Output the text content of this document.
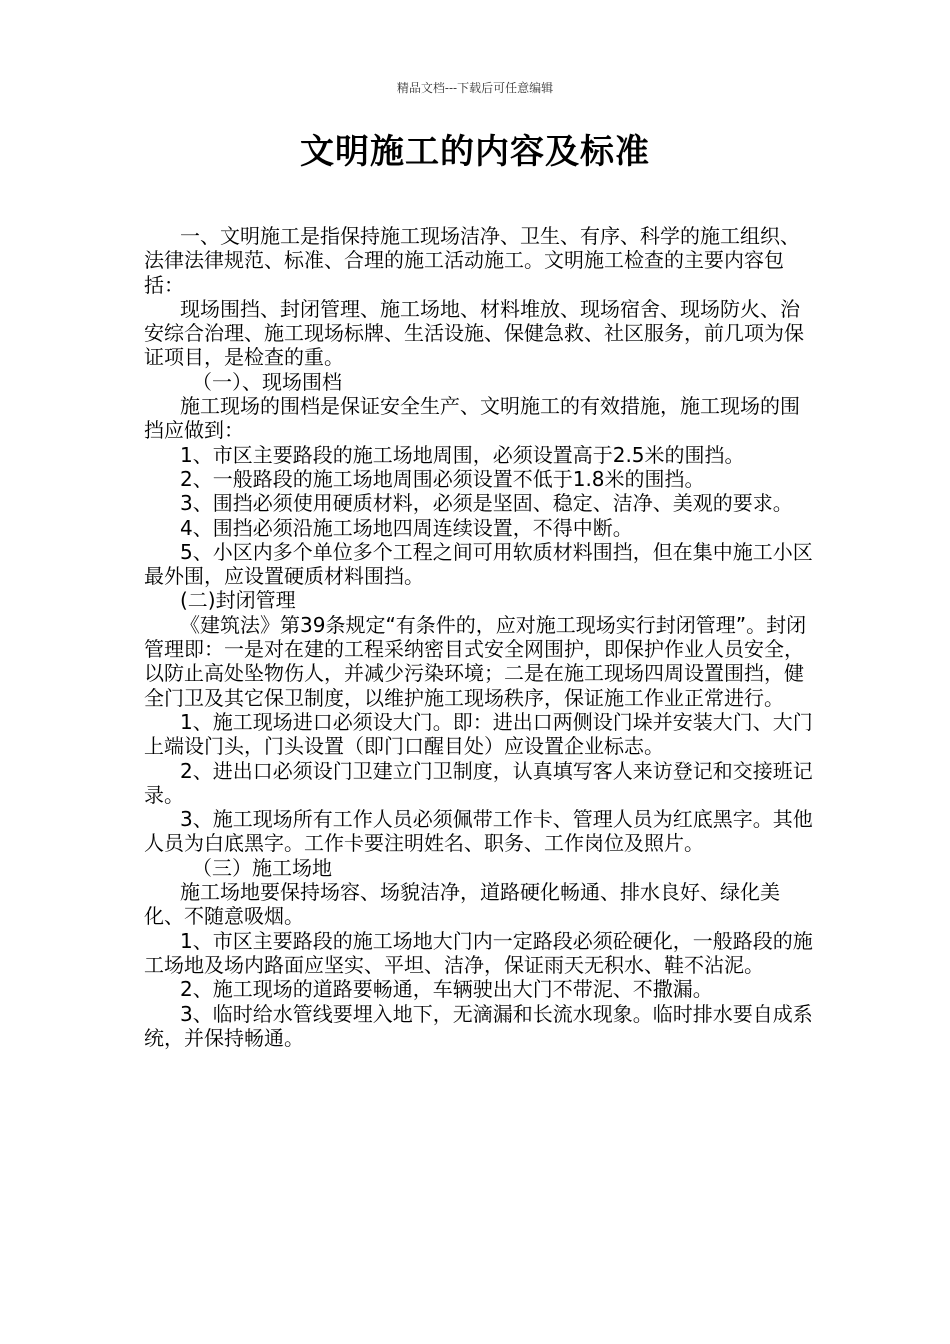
精品文档---下载后可任意编辑
文明施工的内容及标准

一、文明施工是指保持施工现场洁净、卫生、有序、科学的施工组织、法律法律规范、标准、合理的施工活动施工。文明施工检查的主要内容包括：

现场围挡、封闭管理、施工场地、材料堆放、现场宿舍、现场防火、治安综合治理、施工现场标牌、生活设施、保健急救、社区服务，前几项为保证项目，是检查的重。

（一）、现场围档

施工现场的围档是保证安全生产、文明施工的有效措施，施工现场的围挡应做到：

1、市区主要路段的施工场地周围，必须设置高于2.5米的围挡。

2、一般路段的施工场地周围必须设置不低于1.8米的围挡。

3、围挡必须使用硬质材料，必须是坚固、稳定、洁净、美观的要求。

4、围挡必须沿施工场地四周连续设置，不得中断。

5、小区内多个单位多个工程之间可用软质材料围挡，但在集中施工小区最外围，应设置硬质材料围挡。

(二)封闭管理

《建筑法》第39条规定“有条件的，应对施工现场实行封闭管理”。封闭管理即：一是对在建的工程采纳密目式安全网围护，即保护作业人员安全，以防止高处坠物伤人，并减少污染环境；二是在施工现场四周设置围挡，健全门卫及其它保卫制度，以维护施工现场秩序，保证施工作业正常进行。

1、施工现场进口必须设大门。即：进出口两侧设门垛并安装大门、大门上端设门头，门头设置（即门口醒目处）应设置企业标志。

2、进出口必须设门卫建立门卫制度，认真填写客人来访登记和交接班记录。

3、施工现场所有工作人员必须佩带工作卡、管理人员为红底黑字。其他人员为白底黑字。工作卡要注明姓名、职务、工作岗位及照片。

（三）施工场地

施工场地要保持场容、场貌洁净，道路硬化畅通、排水良好、绿化美化、不随意吸烟。

1、市区主要路段的施工场地大门内一定路段必须砼硬化，一般路段的施工场地及场内路面应坚实、平坦、洁净，保证雨天无积水、鞋不沾泥。

2、施工现场的道路要畅通，车辆驶出大门不带泥、不撒漏。

3、临时给水管线要埋入地下，无滴漏和长流水现象。临时排水要自成系统，并保持畅通。
